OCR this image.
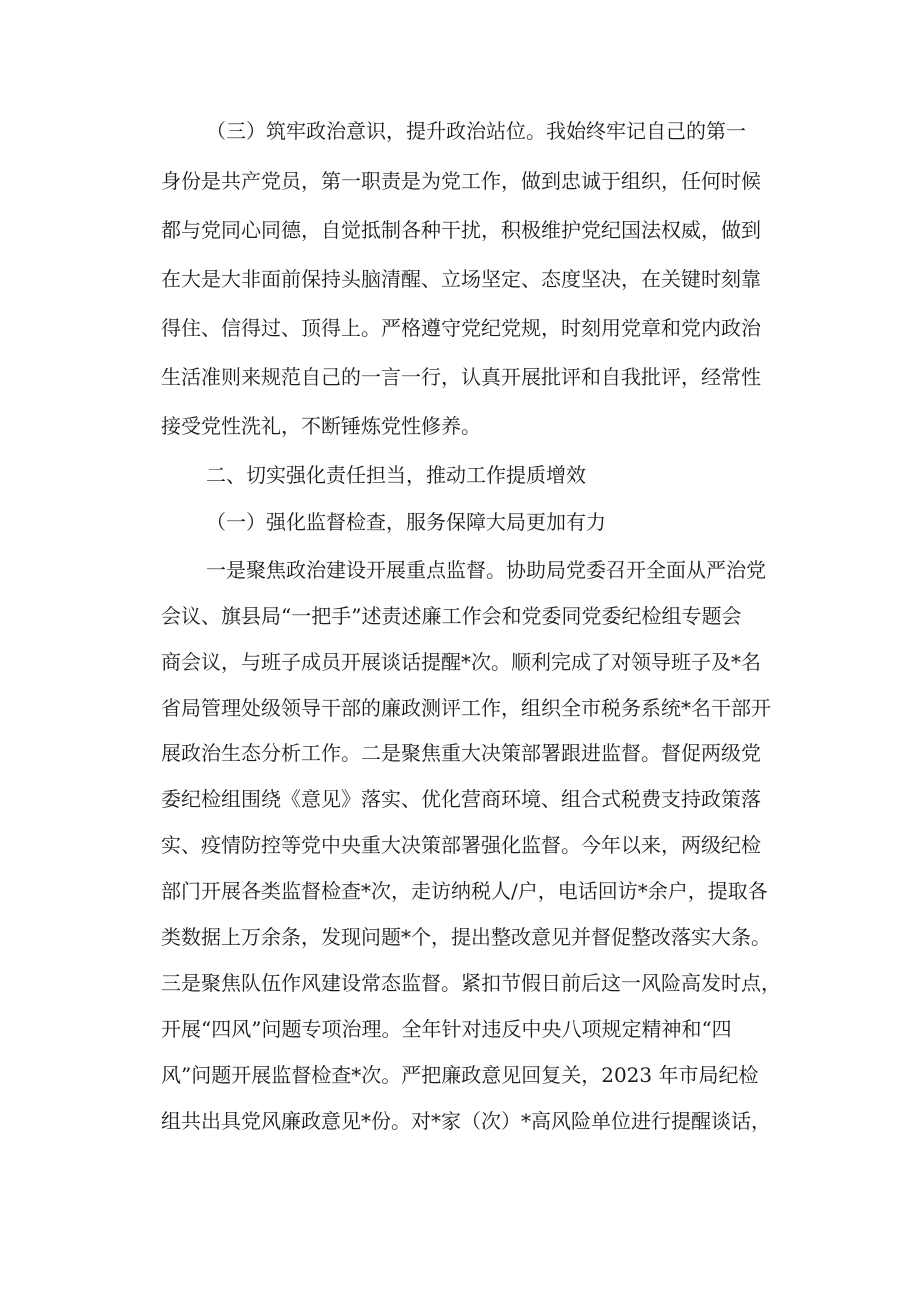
（三）筑牢政治意识，提升政治站位。我始终牢记自己的第一
身份是共产党员，第一职责是为党工作，做到忠诚于组织，任何时候
都与党同心同德，自觉抵制各种干扰，积极维护党纪国法权威，做到
在大是大非面前保持头脑清醒、立场坚定、态度坚决，在关键时刻靠
得住、信得过、顶得上。严格遵守党纪党规，时刻用党章和党内政治
生活准则来规范自己的一言一行，认真开展批评和自我批评，经常性
接受党性洗礼，不断锤炼党性修养。
二、切实强化责任担当，推动工作提质增效
（一）强化监督检查，服务保障大局更加有力
一是聚焦政治建设开展重点监督。协助局党委召开全面从严治党
会议、旗县局“一把手”述责述廉工作会和党委同党委纪检组专题会
商会议，与班子成员开展谈话提醒*次。顺利完成了对领导班子及*名
省局管理处级领导干部的廉政测评工作，组织全市税务系统*名干部开
展政治生态分析工作。二是聚焦重大决策部署跟进监督。督促两级党
委纪检组围绕《意见》落实、优化营商环境、组合式税费支持政策落
实、疫情防控等党中央重大决策部署强化监督。今年以来，两级纪检
部门开展各类监督检查*次，走访纳税人/户，电话回访*余户，提取各
类数据上万余条，发现问题*个，提出整改意见并督促整改落实大条。
三是聚焦队伍作风建设常态监督。紧扣节假日前后这一风险高发时点，
开展“四风”问题专项治理。全年针对违反中央八项规定精神和“四
风”问题开展监督检查*次。严把廉政意见回复关，2023 年市局纪检
组共出具党风廉政意见*份。对*家（次）*高风险单位进行提醒谈话，
